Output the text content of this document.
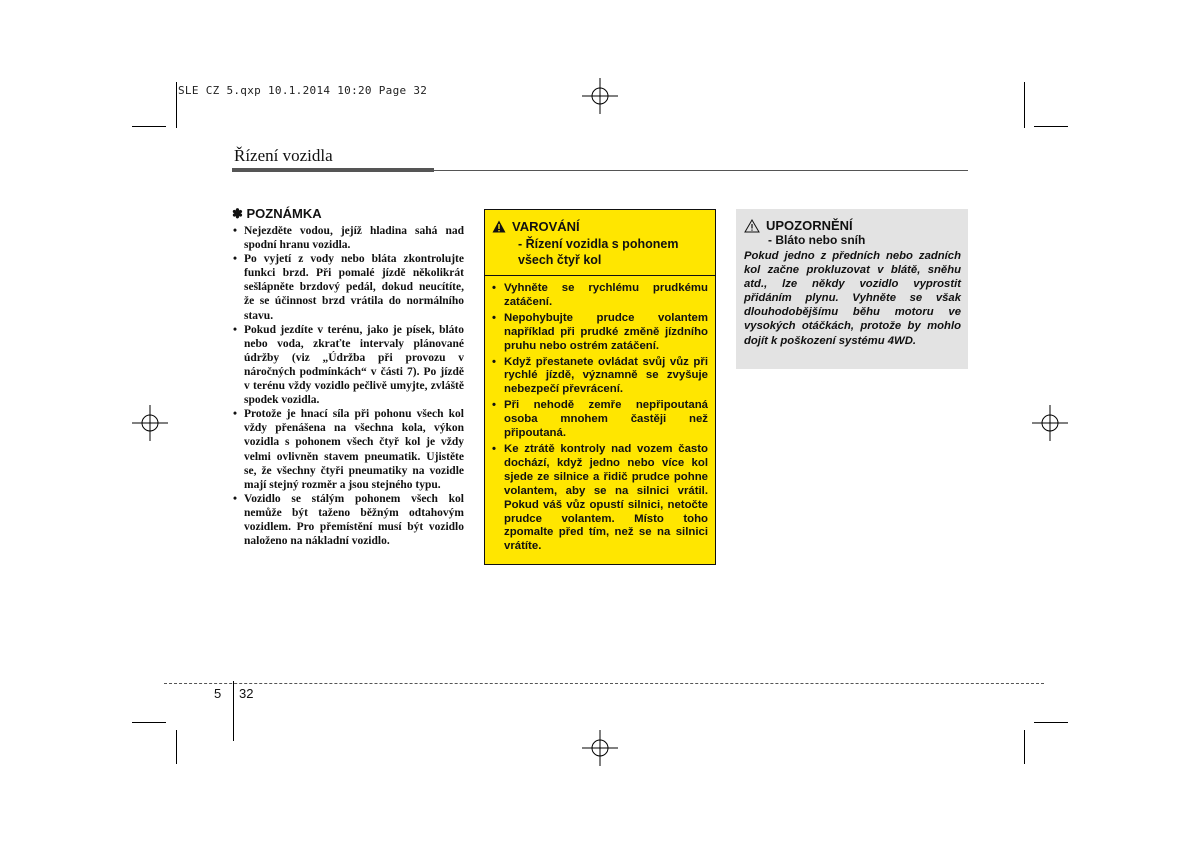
SLE CZ 5.qxp 10.1.2014 10:20 Page 32
Řízení vozidla
✽ POZNÁMKA
• Nejezděte vodou, jejíž hladina sahá nad spodní hranu vozidla.
• Po vyjetí z vody nebo bláta zkontrolujte funkci brzd. Při pomalé jízdě několikrát sešlápněte brzdový pedál, dokud neucítíte, že se účinnost brzd vrátila do normálního stavu.
• Pokud jezdíte v terénu, jako je písek, bláto nebo voda, zkraťte intervaly plánované údržby (viz „Údržba při provozu v náročných podmínkách“ v části 7). Po jízdě v terénu vždy vozidlo pečlivě umyjte, zvláště spodek vozidla.
• Protože je hnací síla při pohonu všech kol vždy přenášena na všechna kola, výkon vozidla s pohonem všech čtyř kol je vždy velmi ovlivněn stavem pneumatik. Ujistěte se, že všechny čtyři pneumatiky na vozidle mají stejný rozměr a jsou stejného typu.
• Vozidlo se stálým pohonem všech kol nemůže být taženo běžným odtahovým vozidlem. Pro přemístění musí být vozidlo naloženo na nákladní vozidlo.
VAROVÁNÍ
- Řízení vozidla s pohonem všech čtyř kol
• Vyhněte se rychlému prudkému zatáčení.
• Nepohybujte prudce volantem například při prudké změně jízdního pruhu nebo ostrém zatáčení.
• Když přestanete ovládat svůj vůz při rychlé jízdě, významně se zvyšuje nebezpečí převrácení.
• Při nehodě zemře nepřipoutaná osoba mnohem častěji než připoutaná.
• Ke ztrátě kontroly nad vozem často dochází, když jedno nebo více kol sjede ze silnice a řidič prudce pohne volantem, aby se na silnici vrátil. Pokud váš vůz opustí silnici, netočte prudce volantem. Místo toho zpomalte před tím, než se na silnici vrátíte.
UPOZORNĚNÍ
- Bláto nebo sníh
Pokud jedno z předních nebo zadních kol začne prokluzovat v blátě, sněhu atd., lze někdy vozidlo vyprostit přidáním plynu. Vyhněte se však dlouhodobějšímu běhu motoru ve vysokých otáčkách, protože by mohlo dojít k poškození systému 4WD.
5 32
